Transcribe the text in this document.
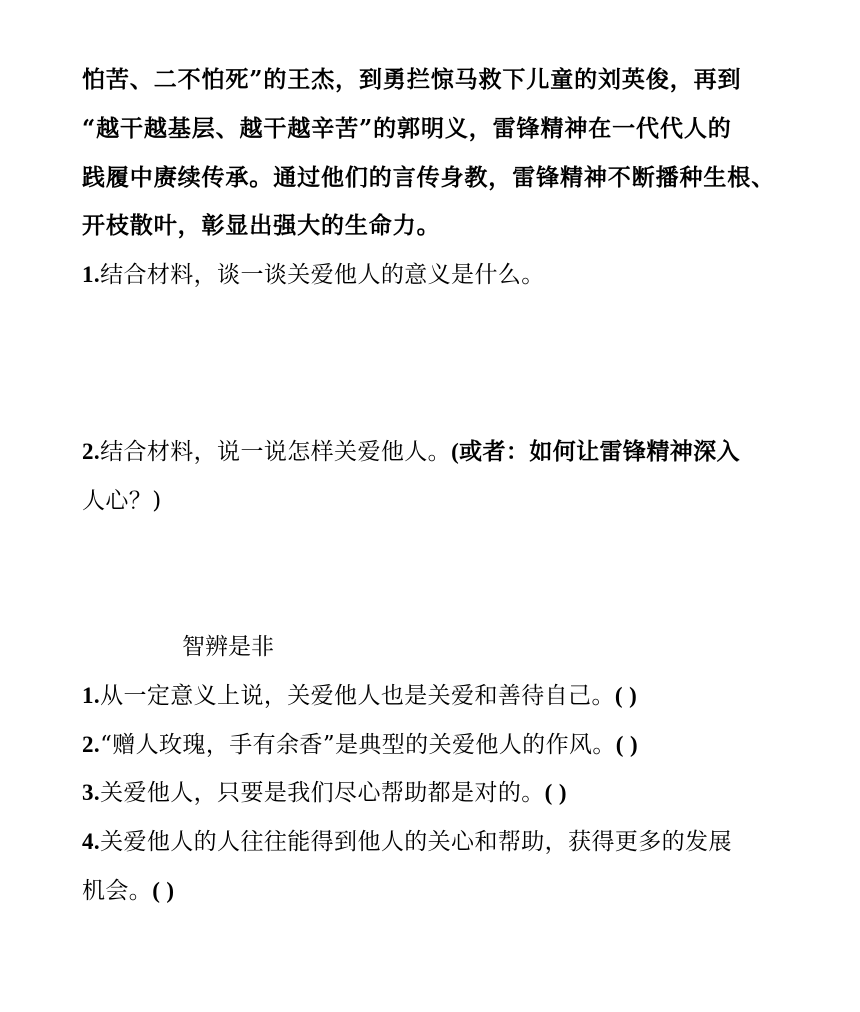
怕苦、二不怕死”的王杰，到勇拦惊马救下儿童的刘英俊，再到
“越干越基层、越干越辛苦”的郭明义，雷锋精神在一代代人的
践履中赓续传承。通过他们的言传身教，雷锋精神不断播种生根、
开枝散叶，彰显出强大的生命力。
1.结合材料，谈一谈关爱他人的意义是什么。
2.结合材料，说一说怎样关爱他人。(或者：如何让雷锋精神深入
人心？)
智辨是非
1.从一定意义上说，关爱他人也是关爱和善待自己。( )
2.“赠人玫瑰，手有余香”是典型的关爱他人的作风。( )
3.关爱他人，只要是我们尽心帮助都是对的。( )
4.关爱他人的人往往能得到他人的关心和帮助，获得更多的发展
机会。( )
